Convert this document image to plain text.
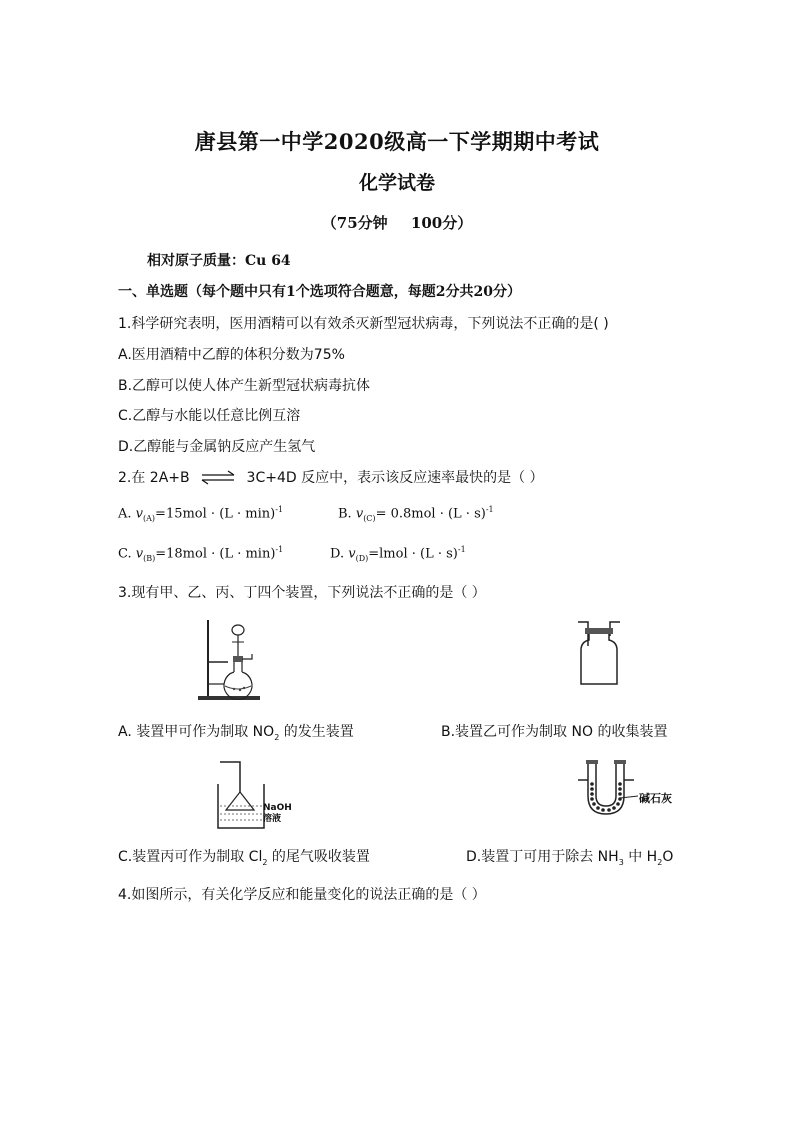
唐县第一中学2020级高一下学期期中考试
化学试卷
（75分钟 100分）
相对原子质量：Cu 64
一、单选题（每个题中只有1个选项符合题意，每题2分共20分）
1.科学研究表明，医用酒精可以有效杀灭新型冠状病毒，下列说法不正确的是( )
A.医用酒精中乙醇的体积分数为75%
B.乙醇可以使人体产生新型冠状病毒抗体
C.乙醇与水能以任意比例互溶
D.乙醇能与金属钠反应产生氢气
2.在 2A+B ⇌ 3C+4D 反应中，表示该反应速率最快的是（ ）
A. $v_{(A)}=15mol \cdot (L \cdot \min)^{-1}$	B. $v_{(C)}= 0.8mol \cdot (L \cdot s)^{-1}$
C. $v_{(B)}=18mol \cdot (L \cdot \min)^{-1}$	D. $v_{(D)}=lmol \cdot (L \cdot s)^{-1}$
3.现有甲、乙、丙、丁四个装置，下列说法不正确的是（ ）
A. 装置甲可作为制取 $NO_2$ 的发生装置	B.装置乙可作为制取 NO 的收集装置
NaOH
溶液
碱石灰
C.装置丙可作为制取 $Cl_2$ 的尾气吸收装置	D.装置丁可用于除去 $NH_3$ 中 $H_2O$
4.如图所示，有关化学反应和能量变化的说法正确的是（ ）
